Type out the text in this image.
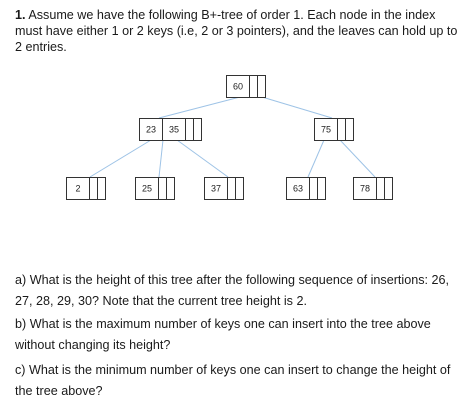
1. Assume we have the following B+-tree of order 1. Each node in the index must have either 1 or 2 keys (i.e, 2 or 3 pointers), and the leaves can hold up to 2 entries.

60
23 35	75
2	25	37	63	78

a) What is the height of this tree after the following sequence of insertions: 26, 27, 28, 29, 30? Note that the current tree height is 2.

b) What is the maximum number of keys one can insert into the tree above without changing its height?

c) What is the minimum number of keys one can insert to change the height of the tree above?
